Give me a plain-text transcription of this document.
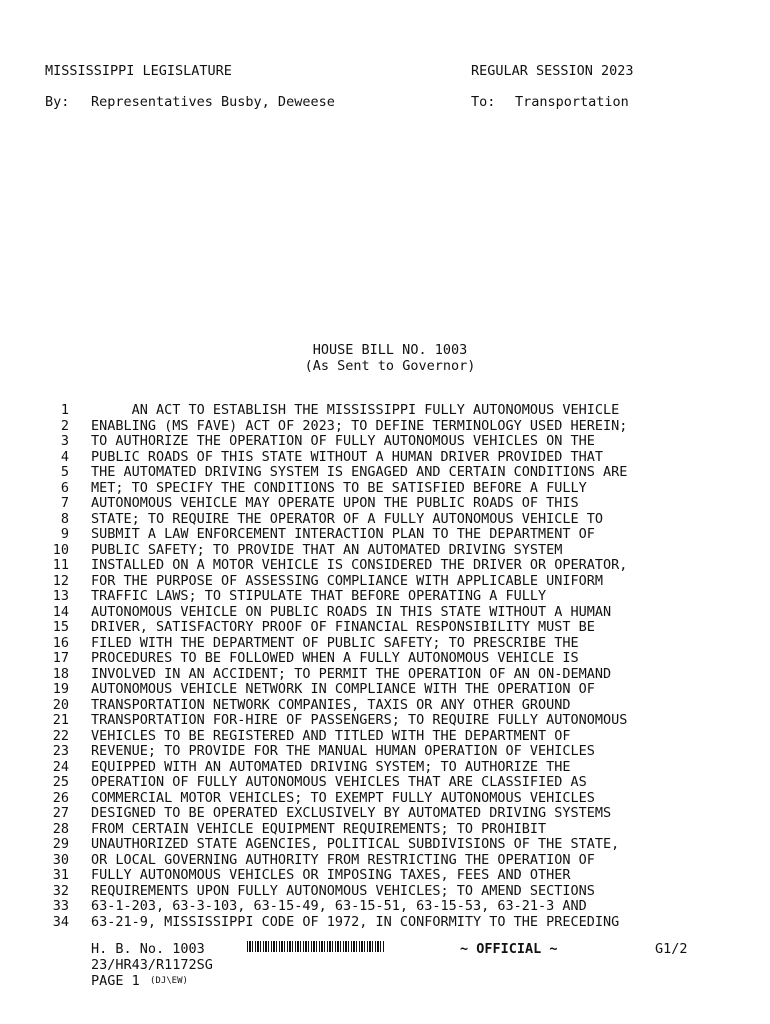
MISSISSIPPI LEGISLATURE	REGULAR SESSION 2023
By: Representatives Busby, Deweese	To: Transportation
HOUSE BILL NO. 1003
(As Sent to Governor)
1 AN ACT TO ESTABLISH THE MISSISSIPPI FULLY AUTONOMOUS VEHICLE
2 ENABLING (MS FAVE) ACT OF 2023; TO DEFINE TERMINOLOGY USED HEREIN;
3 TO AUTHORIZE THE OPERATION OF FULLY AUTONOMOUS VEHICLES ON THE
4 PUBLIC ROADS OF THIS STATE WITHOUT A HUMAN DRIVER PROVIDED THAT
5 THE AUTOMATED DRIVING SYSTEM IS ENGAGED AND CERTAIN CONDITIONS ARE
6 MET; TO SPECIFY THE CONDITIONS TO BE SATISFIED BEFORE A FULLY
7 AUTONOMOUS VEHICLE MAY OPERATE UPON THE PUBLIC ROADS OF THIS
8 STATE; TO REQUIRE THE OPERATOR OF A FULLY AUTONOMOUS VEHICLE TO
9 SUBMIT A LAW ENFORCEMENT INTERACTION PLAN TO THE DEPARTMENT OF
10 PUBLIC SAFETY; TO PROVIDE THAT AN AUTOMATED DRIVING SYSTEM
11 INSTALLED ON A MOTOR VEHICLE IS CONSIDERED THE DRIVER OR OPERATOR,
12 FOR THE PURPOSE OF ASSESSING COMPLIANCE WITH APPLICABLE UNIFORM
13 TRAFFIC LAWS; TO STIPULATE THAT BEFORE OPERATING A FULLY
14 AUTONOMOUS VEHICLE ON PUBLIC ROADS IN THIS STATE WITHOUT A HUMAN
15 DRIVER, SATISFACTORY PROOF OF FINANCIAL RESPONSIBILITY MUST BE
16 FILED WITH THE DEPARTMENT OF PUBLIC SAFETY; TO PRESCRIBE THE
17 PROCEDURES TO BE FOLLOWED WHEN A FULLY AUTONOMOUS VEHICLE IS
18 INVOLVED IN AN ACCIDENT; TO PERMIT THE OPERATION OF AN ON-DEMAND
19 AUTONOMOUS VEHICLE NETWORK IN COMPLIANCE WITH THE OPERATION OF
20 TRANSPORTATION NETWORK COMPANIES, TAXIS OR ANY OTHER GROUND
21 TRANSPORTATION FOR-HIRE OF PASSENGERS; TO REQUIRE FULLY AUTONOMOUS
22 VEHICLES TO BE REGISTERED AND TITLED WITH THE DEPARTMENT OF
23 REVENUE; TO PROVIDE FOR THE MANUAL HUMAN OPERATION OF VEHICLES
24 EQUIPPED WITH AN AUTOMATED DRIVING SYSTEM; TO AUTHORIZE THE
25 OPERATION OF FULLY AUTONOMOUS VEHICLES THAT ARE CLASSIFIED AS
26 COMMERCIAL MOTOR VEHICLES; TO EXEMPT FULLY AUTONOMOUS VEHICLES
27 DESIGNED TO BE OPERATED EXCLUSIVELY BY AUTOMATED DRIVING SYSTEMS
28 FROM CERTAIN VEHICLE EQUIPMENT REQUIREMENTS; TO PROHIBIT
29 UNAUTHORIZED STATE AGENCIES, POLITICAL SUBDIVISIONS OF THE STATE,
30 OR LOCAL GOVERNING AUTHORITY FROM RESTRICTING THE OPERATION OF
31 FULLY AUTONOMOUS VEHICLES OR IMPOSING TAXES, FEES AND OTHER
32 REQUIREMENTS UPON FULLY AUTONOMOUS VEHICLES; TO AMEND SECTIONS
33 63-1-203, 63-3-103, 63-15-49, 63-15-51, 63-15-53, 63-21-3 AND
34 63-21-9, MISSISSIPPI CODE OF 1972, IN CONFORMITY TO THE PRECEDING
H. B. No. 1003	~ OFFICIAL ~	G1/2
23/HR43/R1172SG
PAGE 1 (DJ\EW)
